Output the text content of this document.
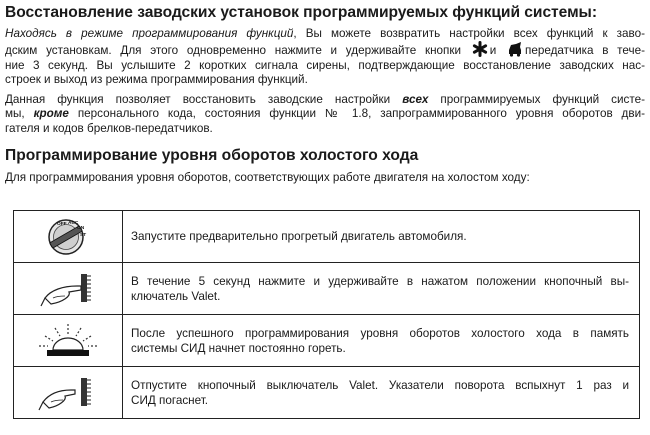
Восстановление заводских установок программируемых функций системы:
Находясь в режиме программирования функций, Вы можете возвратить настройки всех функций к заво-
дским установкам. Для этого одновременно нажмите и удерживайте кнопки и передатчика в тече-
ние 3 секунд. Вы услышите 2 коротких сигнала сирены, подтверждающие восстановление заводских нас-
строек и выход из режима программирования функций.
Данная функция позволяет восстановить заводские настройки всех программируемых функций систе-
мы, кроме персонального кода, состояния функции № 1.8, запрограммированного уровня оборотов дви-
гателя и кодов брелков-передатчиков.
Программирование уровня оборотов холостого хода
Для программирования уровня оборотов, соответствующих работе двигателя на холостом ходу:
OFF ACC
ON
ST	Запустите предварительно прогретый двигатель автомобиля.

В течение 5 секунд нажмите и удерживайте в нажатом положении кнопочный вы-
ключатель Valet.

После успешного программирования уровня оборотов холостого хода в память
системы СИД начнет постоянно гореть.

Отпустите кнопочный выключатель Valet. Указатели поворота вспыхнут 1 раз и
СИД погаснет.
